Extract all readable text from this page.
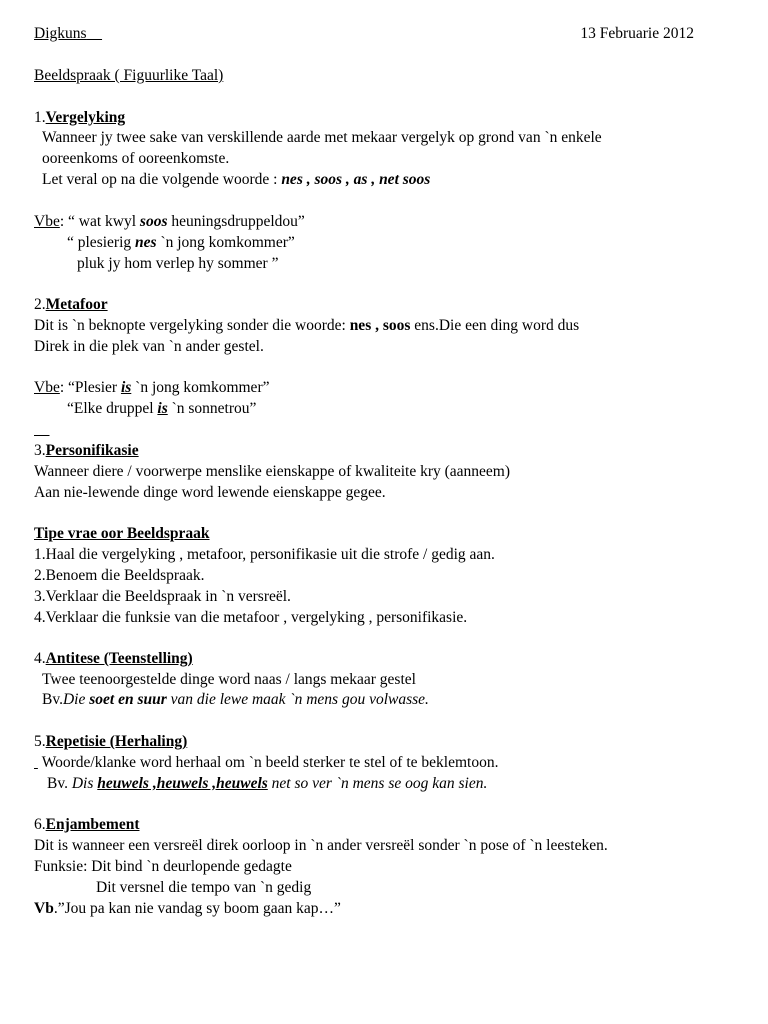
Digkuns	13 Februarie 2012
Beeldspraak ( Figuurlike Taal)
1.Vergelyking
Wanneer jy twee sake van verskillende aarde met mekaar vergelyk op grond van `n enkele
ooreenkoms of ooreenkomste.
Let veral op na die volgende woorde : nes , soos , as , net soos
Vbe: “ wat kwyl soos heuningsdruppeldou”
“ plesierig nes `n jong komkommer”
pluk jy hom verlep hy sommer ”
2.Metafoor
Dit is `n beknopte vergelyking sonder die woorde: nes , soos ens.Die een ding word dus
Direk in die plek van `n ander gestel.
Vbe: “Plesier is `n jong komkommer”
“Elke druppel is `n sonnetrou”

3.Personifikasie
Wanneer diere / voorwerpe menslike eienskappe of kwaliteite kry (aanneem)
Aan nie-lewende dinge word lewende eienskappe gegee.
Tipe vrae oor Beeldspraak
1.Haal die vergelyking , metafoor, personifikasie uit die strofe / gedig aan.
2.Benoem die Beeldspraak.
3.Verklaar die Beeldspraak in `n versreël.
4.Verklaar die funksie van die metafoor , vergelyking , personifikasie.
4.Antitese (Teenstelling)
Twee teenoorgestelde dinge word naas / langs mekaar gestel
Bv.Die soet en suur van die lewe maak `n mens gou volwasse.
5.Repetisie (Herhaling)
Woorde/klanke word herhaal om `n beeld sterker te stel of te beklemtoon.
Bv. Dis heuwels ,heuwels ,heuwels net so ver `n mens se oog kan sien.
6.Enjambement
Dit is wanneer een versreël direk oorloop in `n ander versreël sonder `n pose of `n leesteken.
Funksie: Dit bind `n deurlopende gedagte
Dit versnel die tempo van `n gedig
Vb.”Jou pa kan nie vandag sy boom gaan kap…”
